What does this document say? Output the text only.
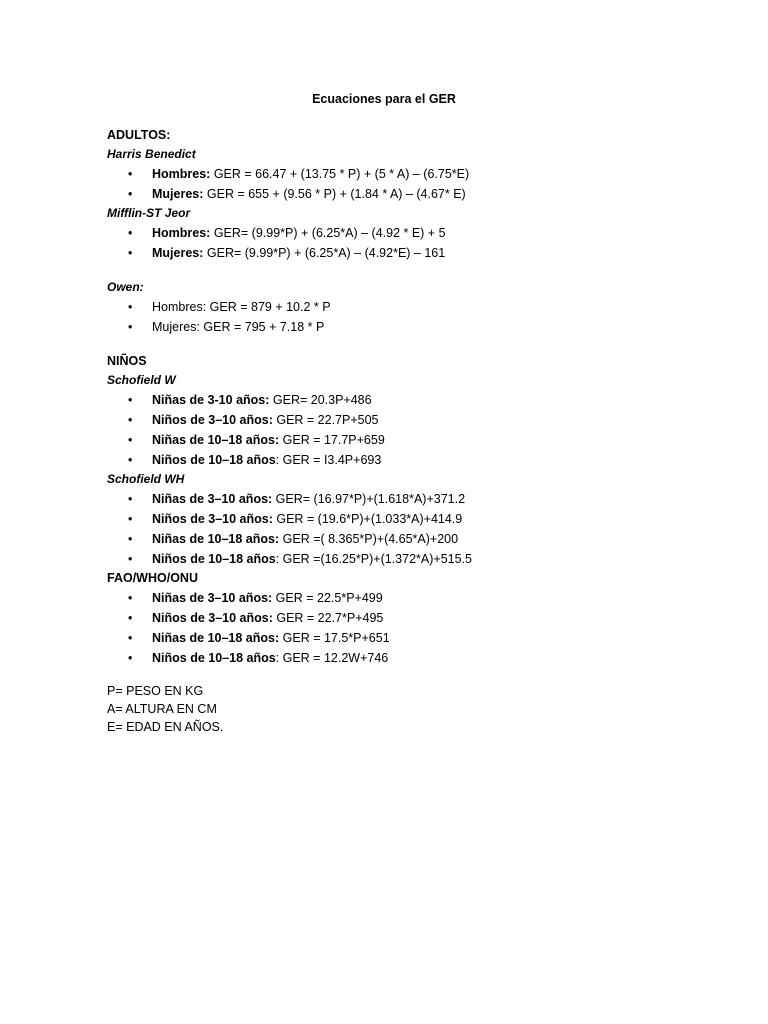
Ecuaciones para el GER
ADULTOS:
Harris Benedict
• Hombres: GER = 66.47 + (13.75 * P) + (5 * A) – (6.75*E)
• Mujeres: GER = 655 + (9.56 * P) + (1.84 * A) – (4.67* E)
Mifflin-ST Jeor
• Hombres: GER= (9.99*P) + (6.25*A) – (4.92 * E) + 5
• Mujeres: GER= (9.99*P) + (6.25*A) – (4.92*E) – 161
Owen:
• Hombres: GER = 879 + 10.2 * P
• Mujeres: GER = 795 + 7.18 * P
NIÑOS
Schofield W
• Niñas de 3-10 años: GER= 20.3P+486
• Niños de 3–10 años: GER = 22.7P+505
• Niñas de 10–18 años: GER = 17.7P+659
• Niños de 10–18 años: GER = I3.4P+693
Schofield WH
• Niñas de 3–10 años: GER= (16.97*P)+(1.618*A)+371.2
• Niños de 3–10 años: GER = (19.6*P)+(1.033*A)+414.9
• Niñas de 10–18 años: GER =( 8.365*P)+(4.65*A)+200
• Niños de 10–18 años: GER =(16.25*P)+(1.372*A)+515.5
FAO/WHO/ONU
• Niñas de 3–10 años: GER = 22.5*P+499
• Niños de 3–10 años: GER = 22.7*P+495
• Niñas de 10–18 años: GER = 17.5*P+651
• Niños de 10–18 años: GER = 12.2W+746
P= PESO EN KG
A= ALTURA EN CM
E= EDAD EN AÑOS.
